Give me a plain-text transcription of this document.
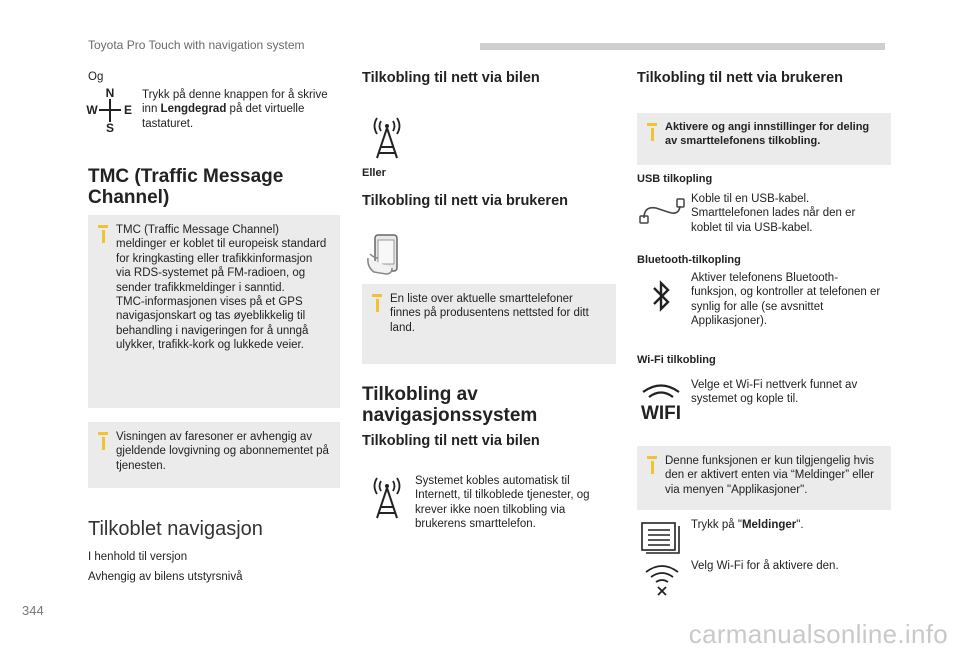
Toyota Pro Touch with navigation system
Og
N
W E
S
Trykk på denne knappen for å skrive inn Lengdegrad på det virtuelle tastaturet.
TMC (Traffic Message Channel)

TMC (Traffic Message Channel) meldinger er koblet til europeisk standard for kringkasting eller trafikkinformasjon via RDS-systemet på FM-radioen, og sender trafikkmeldinger i sanntid.
TMC-informasjonen vises på et GPS navigasjonskart og tas øyeblikkelig til behandling i navigeringen for å unngå ulykker, trafikk-kork og lukkede veier.

Visningen av faresoner er avhengig av gjeldende lovgivning og abonnementet på tjenesten.

Tilkoblet navigasjon
I henhold til versjon
Avhengig av bilens utstyrsnivå
Tilkobling til nett via bilen
Eller
Tilkobling til nett via brukeren

En liste over aktuelle smarttelefoner finnes på produsentens nettsted for ditt land.

Tilkobling av navigasjonssystem
Tilkobling til nett via bilen
Systemet kobles automatisk til Internett, til tilkoblede tjenester, og krever ikke noen tilkobling via brukerens smarttelefon.
Tilkobling til nett via brukeren

Aktivere og angi innstillinger for deling av smarttelefonens tilkobling.

USB tilkopling
Koble til en USB-kabel. Smarttelefonen lades når den er koblet til via USB-kabel.
Bluetooth-tilkopling
Aktiver telefonens Bluetooth-funksjon, og kontroller at telefonen er synlig for alle (se avsnittet Applikasjoner).
Wi-Fi tilkobling
WIFI
Velge et Wi-Fi nettverk funnet av systemet og kople til.

Denne funksjonen er kun tilgjengelig hvis den er aktivert enten via “Meldinger” eller via menyen "Applikasjoner".

Trykk på "Meldinger".
Velg Wi-Fi for å aktivere den.
344
carmanualsonline.info
